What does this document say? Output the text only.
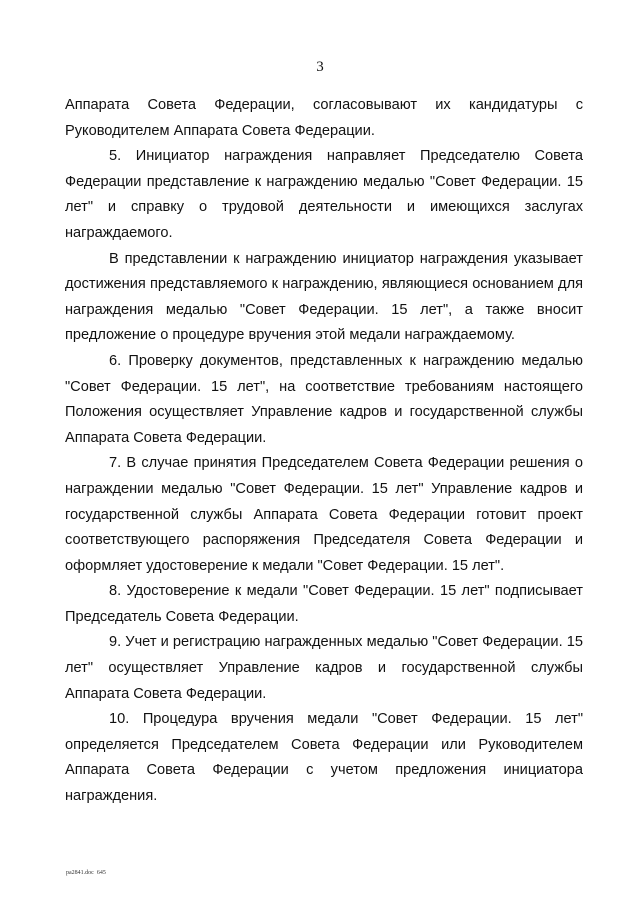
3

Аппарата Совета Федерации, согласовывают их кандидатуры с Руководителем Аппарата Совета Федерации.

5. Инициатор награждения направляет Председателю Совета Федерации представление к награждению медалью "Совет Федерации. 15 лет" и справку о трудовой деятельности и имеющихся заслугах награждаемого.

В представлении к награждению инициатор награждения указывает достижения представляемого к награждению, являющиеся основанием для награждения медалью "Совет Федерации. 15 лет", а также вносит предложение о процедуре вручения этой медали награждаемому.

6. Проверку документов, представленных к награждению медалью "Совет Федерации. 15 лет", на соответствие требованиям настоящего Положения осуществляет Управление кадров и государственной службы Аппарата Совета Федерации.

7. В случае принятия Председателем Совета Федерации решения о награждении медалью "Совет Федерации. 15 лет" Управление кадров и государственной службы Аппарата Совета Федерации готовит проект соответствующего распоряжения Председателя Совета Федерации и оформляет удостоверение к медали "Совет Федерации. 15 лет".

8. Удостоверение к медали "Совет Федерации. 15 лет" подписывает Председатель Совета Федерации.

9. Учет и регистрацию награжденных медалью "Совет Федерации. 15 лет" осуществляет Управление кадров и государственной службы Аппарата Совета Федерации.

10. Процедура вручения медали "Совет Федерации. 15 лет" определяется Председателем Совета Федерации или Руководителем Аппарата Совета Федерации с учетом предложения инициатора награждения.

ра2841.doc  645
